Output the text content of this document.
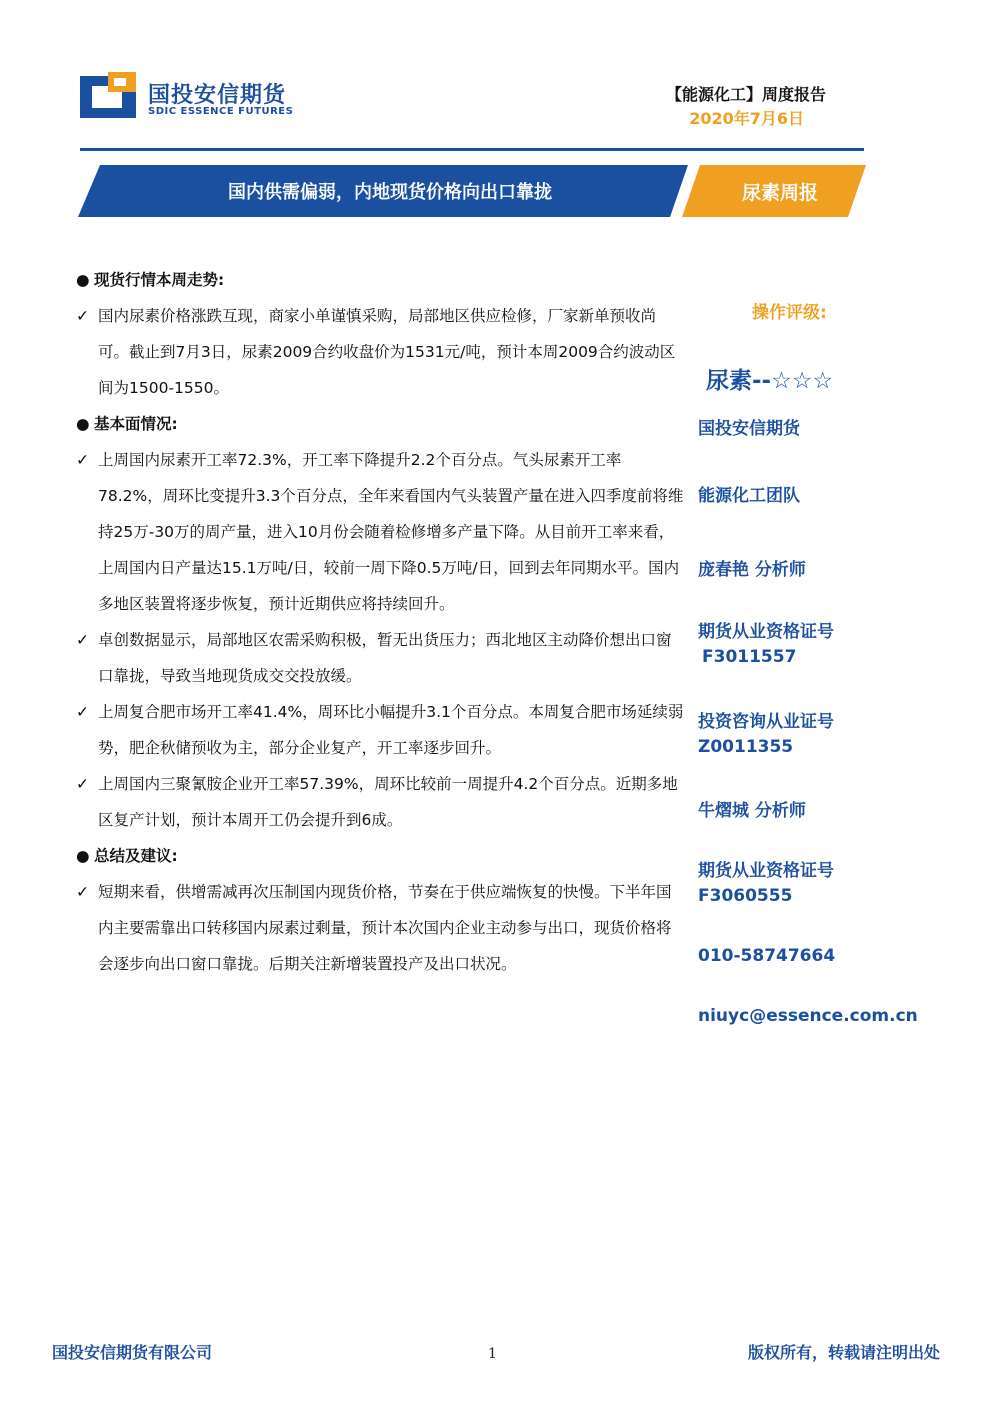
国投安信期货
SDIC ESSENCE FUTURES
【能源化工】周度报告
2020年7月6日
国内供需偏弱，内地现货价格向出口靠拢	尿素周报
● 现货行情本周走势:
✓ 国内尿素价格涨跌互现，商家小单谨慎采购，局部地区供应检修，厂家新单预收尚可。截止到7月3日，尿素2009合约收盘价为1531元/吨，预计本周2009合约波动区间为1500-1550。
● 基本面情况:
✓ 上周国内尿素开工率72.3%，开工率下降提升2.2个百分点。气头尿素开工率78.2%，周环比变提升3.3个百分点，全年来看国内气头装置产量在进入四季度前将维持25万-30万的周产量，进入10月份会随着检修增多产量下降。从目前开工率来看，上周国内日产量达15.1万吨/日，较前一周下降0.5万吨/日，回到去年同期水平。国内多地区装置将逐步恢复，预计近期供应将持续回升。
✓ 卓创数据显示，局部地区农需采购积极，暂无出货压力；西北地区主动降价想出口窗口靠拢，导致当地现货成交交投放缓。
✓ 上周复合肥市场开工率41.4%，周环比小幅提升3.1个百分点。本周复合肥市场延续弱势，肥企秋储预收为主，部分企业复产，开工率逐步回升。
✓ 上周国内三聚氰胺企业开工率57.39%，周环比较前一周提升4.2个百分点。近期多地区复产计划，预计本周开工仍会提升到6成。
● 总结及建议:
✓ 短期来看，供增需减再次压制国内现货价格，节奏在于供应端恢复的快慢。下半年国内主要需靠出口转移国内尿素过剩量，预计本次国内企业主动参与出口，现货价格将会逐步向出口窗口靠拢。后期关注新增装置投产及出口状况。
操作评级:
尿素--☆☆☆
国投安信期货
能源化工团队
庞春艳 分析师
期货从业资格证号
F3011557
投资咨询从业证号
Z0011355
牛熠城 分析师
期货从业资格证号
F3060555
010-58747664
niuyc@essence.com.cn
国投安信期货有限公司	1	版权所有，转载请注明出处
